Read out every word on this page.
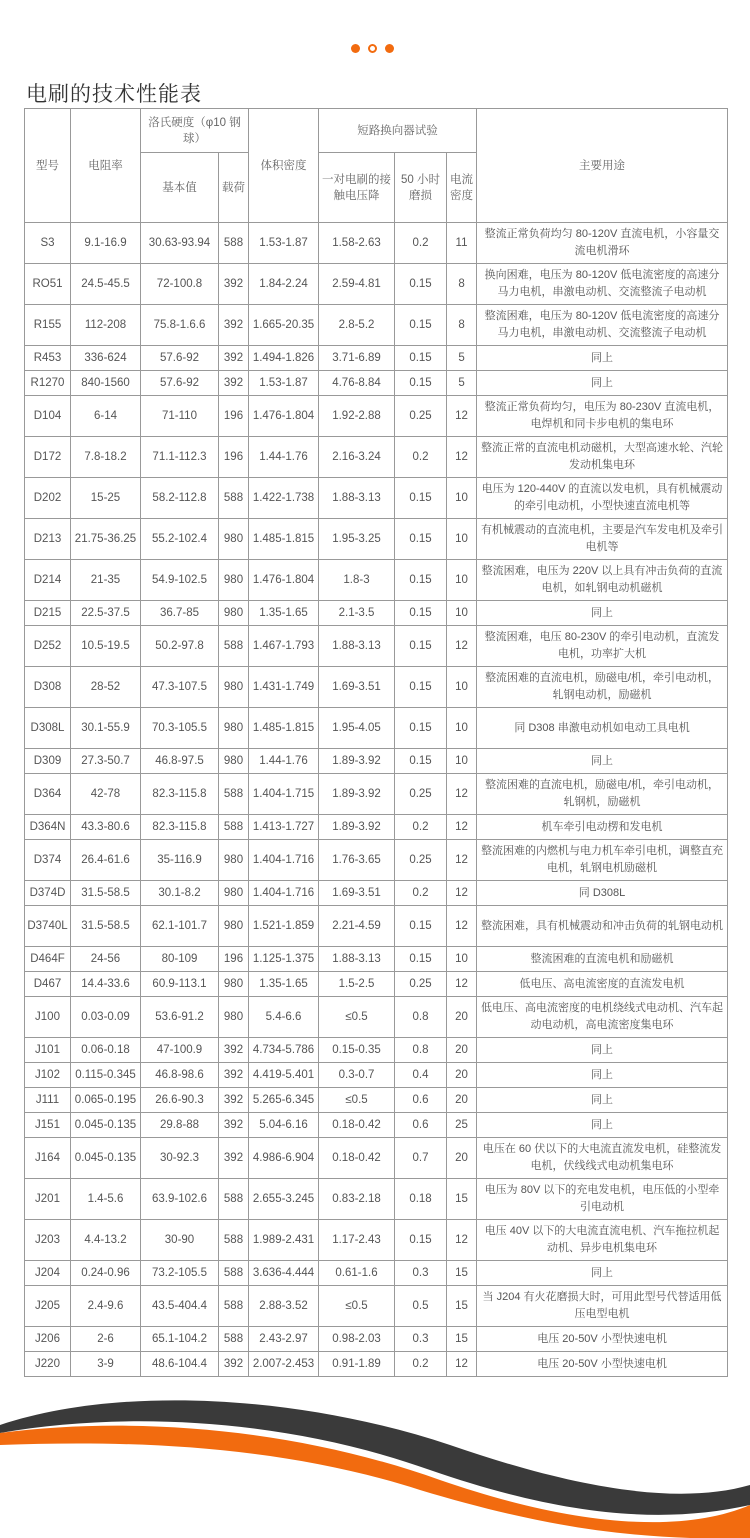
电刷的技术性能表
型号	电阻率	洛氏硬度（φ10 钢球）		体积密度	短路换向器试验			主要用途
		基本值	载荷		一对电刷的接触电压降	50 小时磨损	电流密度	
S3	9.1-16.9	30.63-93.94	588	1.53-1.87	1.58-2.63	0.2	11	整流正常负荷均匀 80-120V 直流电机，小容量交流电机滑环
RO51	24.5-45.5	72-100.8	392	1.84-2.24	2.59-4.81	0.15	8	换向困难，电压为 80-120V 低电流密度的高速分马力电机，串激电动机、交流整流子电动机
R155	112-208	75.8-1.6.6	392	1.665-20.35	2.8-5.2	0.15	8	整流困难，电压为 80-120V 低电流密度的高速分马力电机，串激电动机、交流整流子电动机
R453	336-624	57.6-92	392	1.494-1.826	3.71-6.89	0.15	5	同上
R1270	840-1560	57.6-92	392	1.53-1.87	4.76-8.84	0.15	5	同上
D104	6-14	71-110	196	1.476-1.804	1.92-2.88	0.25	12	整流正常负荷均匀，电压为 80-230V 直流电机，电焊机和同卡步电机的集电环
D172	7.8-18.2	71.1-112.3	196	1.44-1.76	2.16-3.24	0.2	12	整流正常的直流电机动磁机，大型高速水轮、汽轮发动机集电环
D202	15-25	58.2-112.8	588	1.422-1.738	1.88-3.13	0.15	10	电压为 120-440V 的直流以发电机，具有机械震动的牵引电动机，小型快速直流电机等
D213	21.75-36.25	55.2-102.4	980	1.485-1.815	1.95-3.25	0.15	10	有机械震动的直流电机，主要是汽车发电机及牵引电机等
D214	21-35	54.9-102.5	980	1.476-1.804	1.8-3	0.15	10	整流困难，电压为 220V 以上具有冲击负荷的直流电机，如轧钢电动机磁机
D215	22.5-37.5	36.7-85	980	1.35-1.65	2.1-3.5	0.15	10	同上
D252	10.5-19.5	50.2-97.8	588	1.467-1.793	1.88-3.13	0.15	12	整流困难，电压 80-230V 的牵引电动机，直流发电机，功率扩大机
D308	28-52	47.3-107.5	980	1.431-1.749	1.69-3.51	0.15	10	整流困难的直流电机，励磁电/机，牵引电动机，轧钢电动机，励磁机
D308L	30.1-55.9	70.3-105.5	980	1.485-1.815	1.95-4.05	0.15	10	同 D308 串激电动机如电动工具电机
D309	27.3-50.7	46.8-97.5	980	1.44-1.76	1.89-3.92	0.15	10	同上
D364	42-78	82.3-115.8	588	1.404-1.715	1.89-3.92	0.25	12	整流困难的直流电机，励磁电/机，牵引电动机，轧钢机，励磁机
D364N	43.3-80.6	82.3-115.8	588	1.413-1.727	1.89-3.92	0.2	12	机车牵引电动楞和发电机
D374	26.4-61.6	35-116.9	980	1.404-1.716	1.76-3.65	0.25	12	整流困难的内燃机与电力机车牵引电机，调整直充电机，轧钢电机励磁机
D374D	31.5-58.5	30.1-8.2	980	1.404-1.716	1.69-3.51	0.2	12	同 D308L
D3740L	31.5-58.5	62.1-101.7	980	1.521-1.859	2.21-4.59	0.15	12	整流困难，具有机械震动和冲击负荷的轧钢电动机
D464F	24-56	80-109	196	1.125-1.375	1.88-3.13	0.15	10	整流困难的直流电机和励磁机
D467	14.4-33.6	60.9-113.1	980	1.35-1.65	1.5-2.5	0.25	12	低电压、高电流密度的直流发电机
J100	0.03-0.09	53.6-91.2	980	5.4-6.6	≤0.5	0.8	20	低电压、高电流密度的电机绕线式电动机、汽车起动电动机，高电流密度集电环
J101	0.06-0.18	47-100.9	392	4.734-5.786	0.15-0.35	0.8	20	同上
J102	0.115-0.345	46.8-98.6	392	4.419-5.401	0.3-0.7	0.4	20	同上
J111	0.065-0.195	26.6-90.3	392	5.265-6.345	≤0.5	0.6	20	同上
J151	0.045-0.135	29.8-88	392	5.04-6.16	0.18-0.42	0.6	25	同上
J164	0.045-0.135	30-92.3	392	4.986-6.904	0.18-0.42	0.7	20	电压在 60 伏以下的大电流直流发电机，硅整流发电机，伏线线式电动机集电环
J201	1.4-5.6	63.9-102.6	588	2.655-3.245	0.83-2.18	0.18	15	电压为 80V 以下的充电发电机，电压低的小型牵引电动机
J203	4.4-13.2	30-90	588	1.989-2.431	1.17-2.43	0.15	12	电压 40V 以下的大电流直流电机、汽车拖拉机起动机、异步电机集电环
J204	0.24-0.96	73.2-105.5	588	3.636-4.444	0.61-1.6	0.3	15	同上
J205	2.4-9.6	43.5-404.4	588	2.88-3.52	≤0.5	0.5	15	当 J204 有火花磨损大时，可用此型号代替适用低压电型电机
J206	2-6	65.1-104.2	588	2.43-2.97	0.98-2.03	0.3	15	电压 20-50V 小型快速电机
J220	3-9	48.6-104.4	392	2.007-2.453	0.91-1.89	0.2	12	电压 20-50V 小型快速电机
